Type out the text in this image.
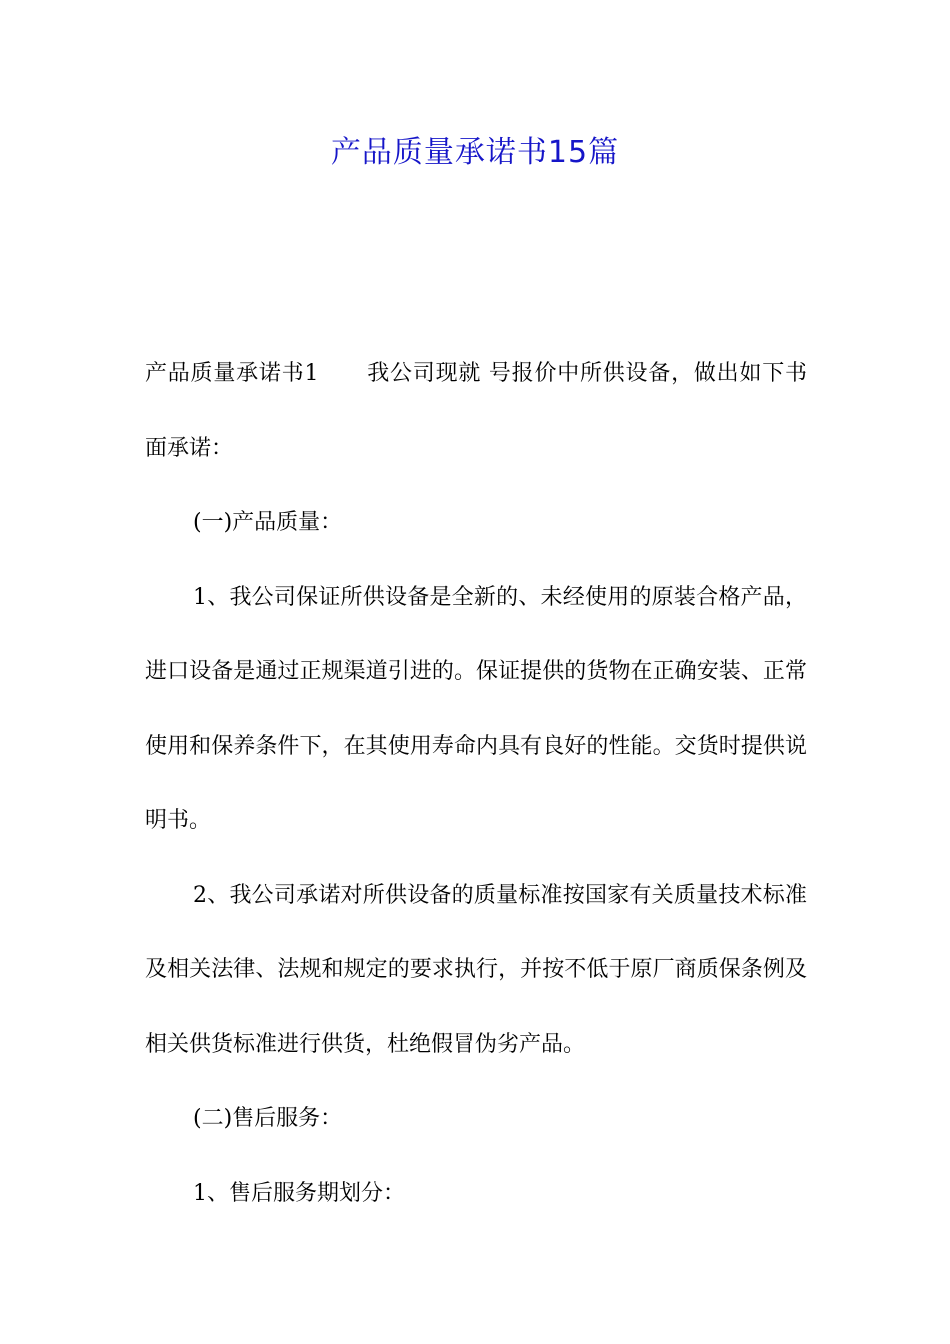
产品质量承诺书15篇

产品质量承诺书1 我公司现就 号报价中所供设备，做出如下书面承诺：

(一)产品质量：

1、我公司保证所供设备是全新的、未经使用的原装合格产品，进口设备是通过正规渠道引进的。保证提供的货物在正确安装、正常使用和保养条件下，在其使用寿命内具有良好的性能。交货时提供说明书。

2、我公司承诺对所供设备的质量标准按国家有关质量技术标准及相关法律、法规和规定的要求执行，并按不低于原厂商质保条例及相关供货标准进行供货，杜绝假冒伪劣产品。

(二)售后服务：

1、售后服务期划分：
